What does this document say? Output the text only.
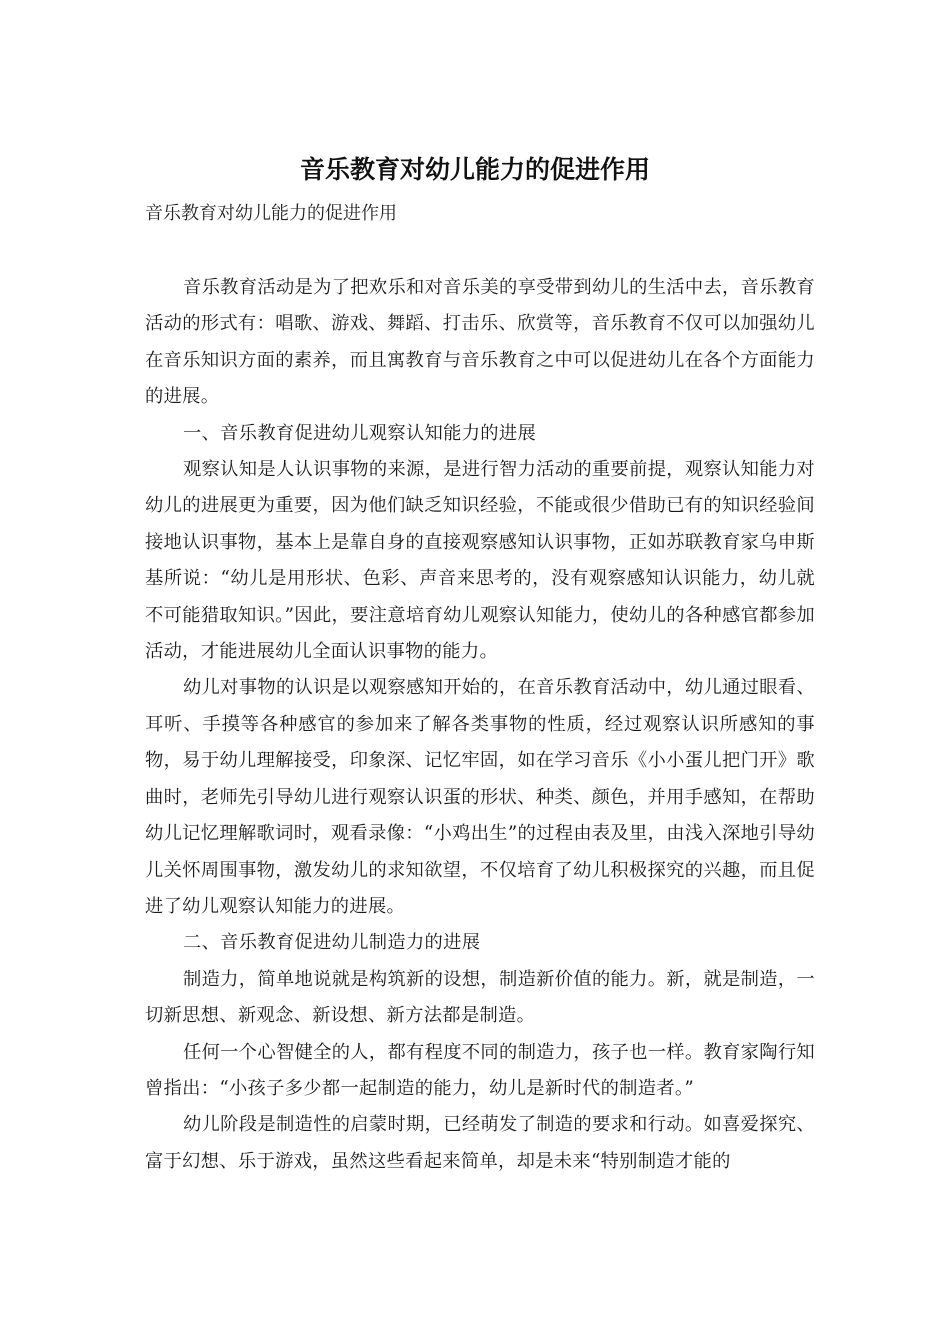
音乐教育对幼儿能力的促进作用

音乐教育对幼儿能力的促进作用

音乐教育活动是为了把欢乐和对音乐美的享受带到幼儿的生活中去，音乐教育活动的形式有：唱歌、游戏、舞蹈、打击乐、欣赏等，音乐教育不仅可以加强幼儿在音乐知识方面的素养，而且寓教育与音乐教育之中可以促进幼儿在各个方面能力的进展。

一、音乐教育促进幼儿观察认知能力的进展

观察认知是人认识事物的来源，是进行智力活动的重要前提，观察认知能力对幼儿的进展更为重要，因为他们缺乏知识经验，不能或很少借助已有的知识经验间接地认识事物，基本上是靠自身的直接观察感知认识事物，正如苏联教育家乌申斯基所说：“幼儿是用形状、色彩、声音来思考的，没有观察感知认识能力，幼儿就不可能猎取知识。”因此，要注意培育幼儿观察认知能力，使幼儿的各种感官都参加活动，才能进展幼儿全面认识事物的能力。

幼儿对事物的认识是以观察感知开始的，在音乐教育活动中，幼儿通过眼看、耳听、手摸等各种感官的参加来了解各类事物的性质，经过观察认识所感知的事物，易于幼儿理解接受，印象深、记忆牢固，如在学习音乐《小小蛋儿把门开》歌曲时，老师先引导幼儿进行观察认识蛋的形状、种类、颜色，并用手感知，在帮助幼儿记忆理解歌词时，观看录像：“小鸡出生”的过程由表及里，由浅入深地引导幼儿关怀周围事物，激发幼儿的求知欲望，不仅培育了幼儿积极探究的兴趣，而且促进了幼儿观察认知能力的进展。

二、音乐教育促进幼儿制造力的进展

制造力，简单地说就是构筑新的设想，制造新价值的能力。新，就是制造，一切新思想、新观念、新设想、新方法都是制造。

任何一个心智健全的人，都有程度不同的制造力，孩子也一样。教育家陶行知曾指出：“小孩子多少都一起制造的能力，幼儿是新时代的制造者。”

幼儿阶段是制造性的启蒙时期，已经萌发了制造的要求和行动。如喜爱探究、富于幻想、乐于游戏，虽然这些看起来简单，却是未来“特别制造才能的
